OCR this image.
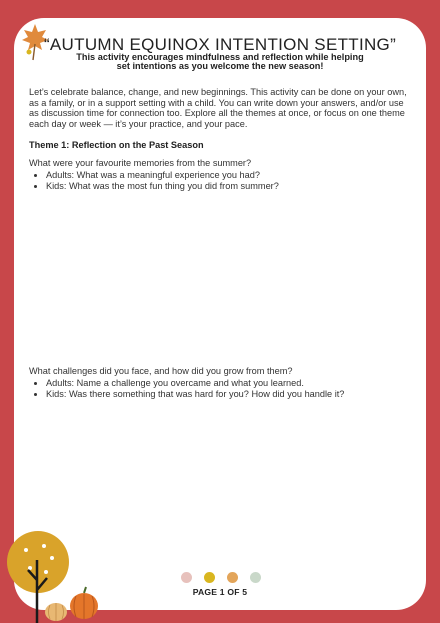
“AUTUMN EQUINOX INTENTION SETTING”
This activity encourages mindfulness and reflection while helping
set intentions as you welcome the new season!
Let’s celebrate balance, change, and new beginnings. This activity can be done on your own, as a family, or in a support setting with a child. You can write down your answers, and/or use as discussion time for connection too. Explore all the themes at once, or focus on one theme each day or week — it’s your practice, and your pace.
Theme 1: Reflection on the Past Season
What were your favourite memories from the summer?
• Adults: What was a meaningful experience you had?
• Kids: What was the most fun thing you did from summer?
What challenges did you face, and how did you grow from them?
• Adults: Name a challenge you overcame and what you learned.
• Kids: Was there something that was hard for you? How did you handle it?
PAGE 1 OF 5
